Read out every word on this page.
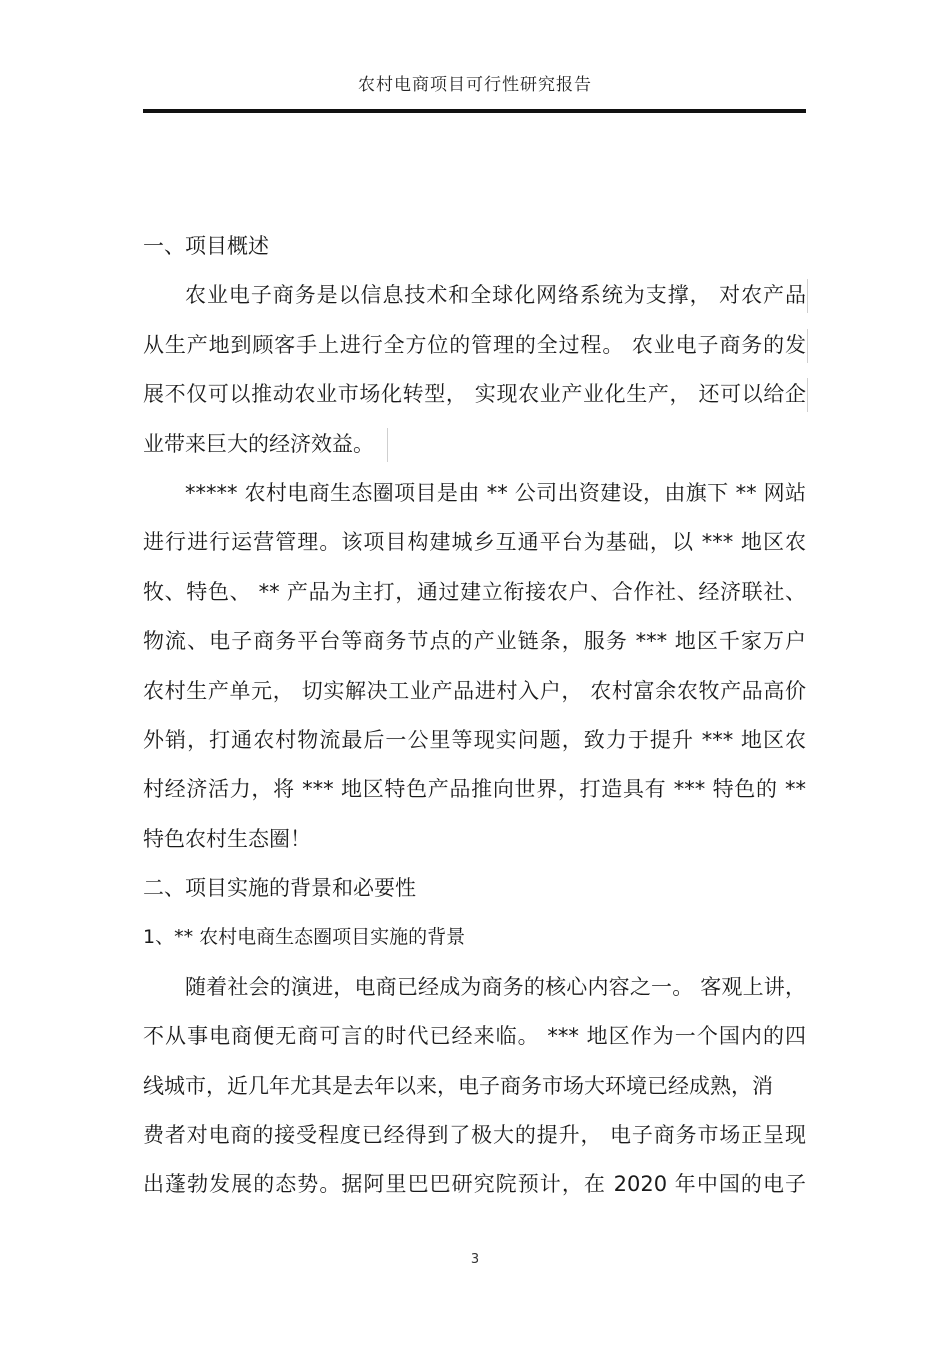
农村电商项目可行性研究报告
一、项目概述
农业电子商务是以信息技术和全球化网络系统为支撑， 对农产品
从生产地到顾客手上进行全方位的管理的全过程。 农业电子商务的发
展不仅可以推动农业市场化转型， 实现农业产业化生产， 还可以给企
业带来巨大的经济效益。
***** 农村电商生态圈项目是由 ** 公司出资建设，由旗下 ** 网站
进行进行运营管理。该项目构建城乡互通平台为基础，以 *** 地区农
牧、特色、 ** 产品为主打，通过建立衔接农户、合作社、经济联社、
物流、电子商务平台等商务节点的产业链条，服务 *** 地区千家万户
农村生产单元， 切实解决工业产品进村入户， 农村富余农牧产品高价
外销，打通农村物流最后一公里等现实问题，致力于提升 *** 地区农
村经济活力，将 *** 地区特色产品推向世界，打造具有 *** 特色的 **
特色农村生态圈！
二、项目实施的背景和必要性
1、** 农村电商生态圈项目实施的背景
随着社会的演进，电商已经成为商务的核心内容之一。 客观上讲，
不从事电商便无商可言的时代已经来临。 *** 地区作为一个国内的四
线城市，近几年尤其是去年以来，电子商务市场大环境已经成熟，消
费者对电商的接受程度已经得到了极大的提升， 电子商务市场正呈现
出蓬勃发展的态势。据阿里巴巴研究院预计，在 2020 年中国的电子
3
